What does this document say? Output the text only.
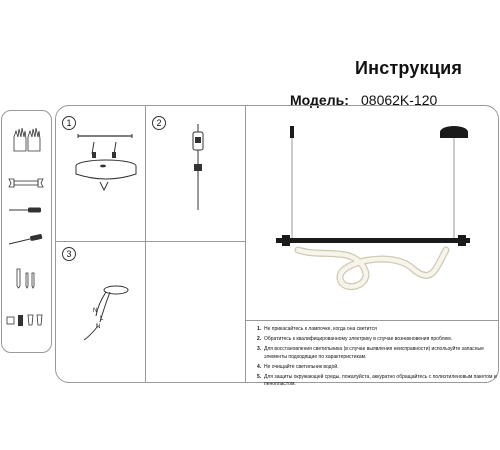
Инструкция
Модель: 08062K-120
1	2
3
N
L
N	1. Не прикасайтесь к лампочке, когда она светится
2. Обратитесь к квалифицированному электрику в случае возникновения проблем.
3. Для восстановления светильника (в случае выявления неисправности) используйте запасные элементы подходящие по характеристикам.
4. Не очищайте светильник водой.
5. Для защиты окружающей среды, пожалуйста, аккуратно обращайтесь с полиэтиленовым пакетом и пенопластом.
